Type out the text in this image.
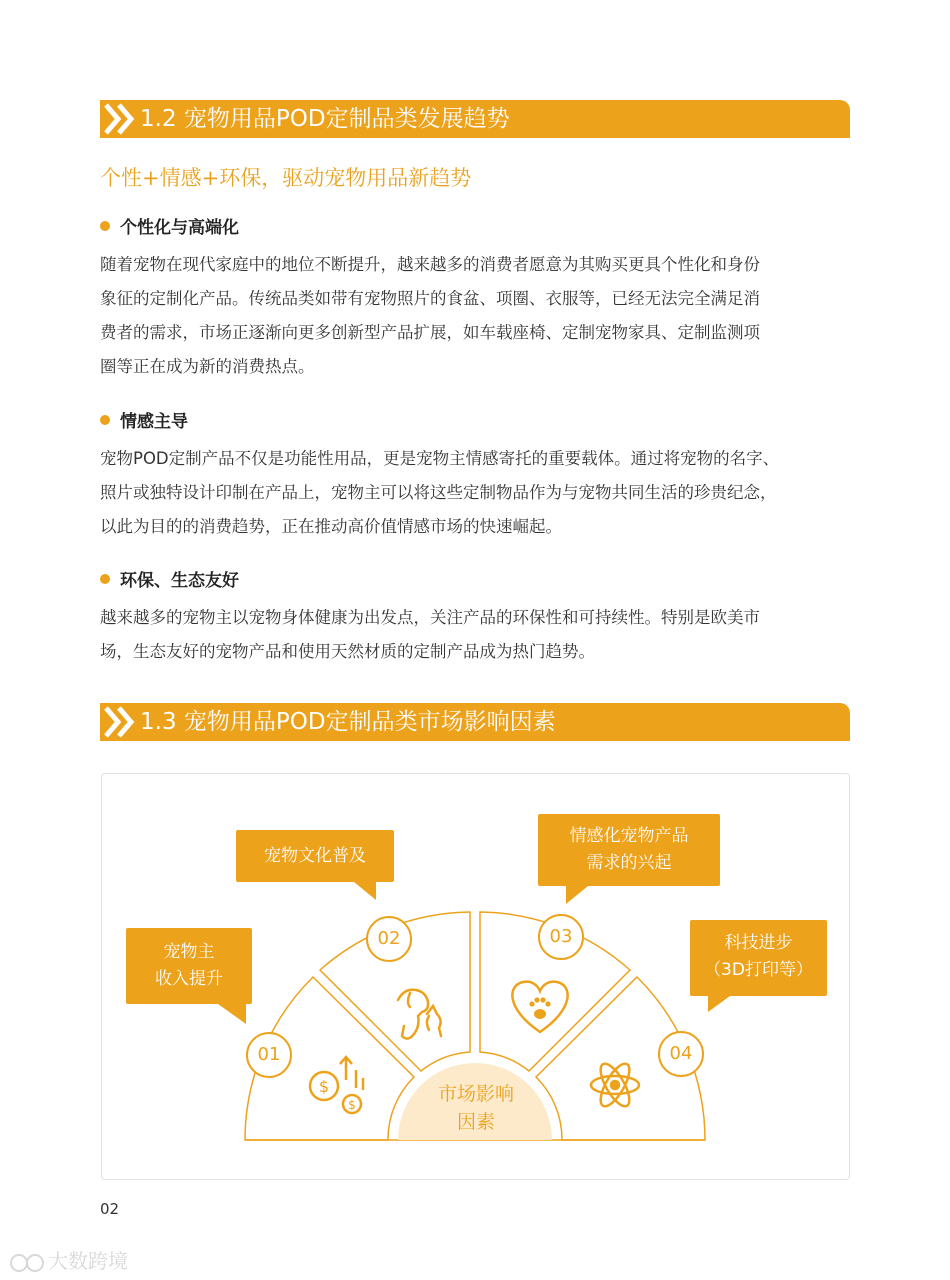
1.2 宠物用品POD定制品类发展趋势
个性+情感+环保，驱动宠物用品新趋势
个性化与高端化
随着宠物在现代家庭中的地位不断提升，越来越多的消费者愿意为其购买更具个性化和身份
象征的定制化产品。传统品类如带有宠物照片的食盆、项圈、衣服等，已经无法完全满足消
费者的需求，市场正逐渐向更多创新型产品扩展，如车载座椅、定制宠物家具、定制监测项
圈等正在成为新的消费热点。
情感主导
宠物POD定制产品不仅是功能性用品，更是宠物主情感寄托的重要载体。通过将宠物的名字、
照片或独特设计印制在产品上，宠物主可以将这些定制物品作为与宠物共同生活的珍贵纪念，
以此为目的的消费趋势，正在推动高价值情感市场的快速崛起。
环保、生态友好
越来越多的宠物主以宠物身体健康为出发点，关注产品的环保性和可持续性。特别是欧美市
场，生态友好的宠物产品和使用天然材质的定制产品成为热门趋势。
1.3 宠物用品POD定制品类市场影响因素
$
$
01
02	03
04
市场影响
因素
宠物主
收入提升
宠物文化普及
情感化宠物产品
需求的兴起
科技进步
（3D打印等）
02
大数跨境
